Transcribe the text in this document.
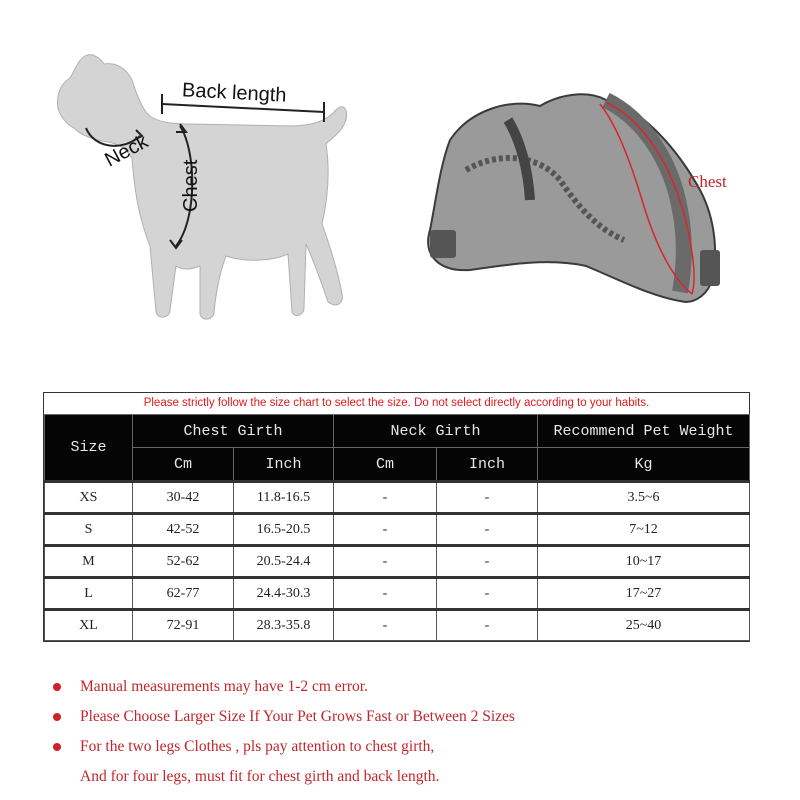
Back length
Neck
Chest	Chest
Please strictly follow the size chart to select the size. Do not select directly according to your habits.
Size	Chest Girth		Neck Girth		Recommend Pet Weight
	Cm	Inch	Cm	Inch	Kg
XS	30-42	11.8-16.5	-	-	3.5~6
S	42-52	16.5-20.5	-	-	7~12
M	52-62	20.5-24.4	-	-	10~17
L	62-77	24.4-30.3	-	-	17~27
XL	72-91	28.3-35.8	-	-	25~40
Manual measurements may have 1-2 cm error.
Please Choose Larger Size If Your Pet Grows Fast or Between 2 Sizes
For the two legs Clothes , pls pay attention to chest girth,
And for four legs, must fit for chest girth and back length.
